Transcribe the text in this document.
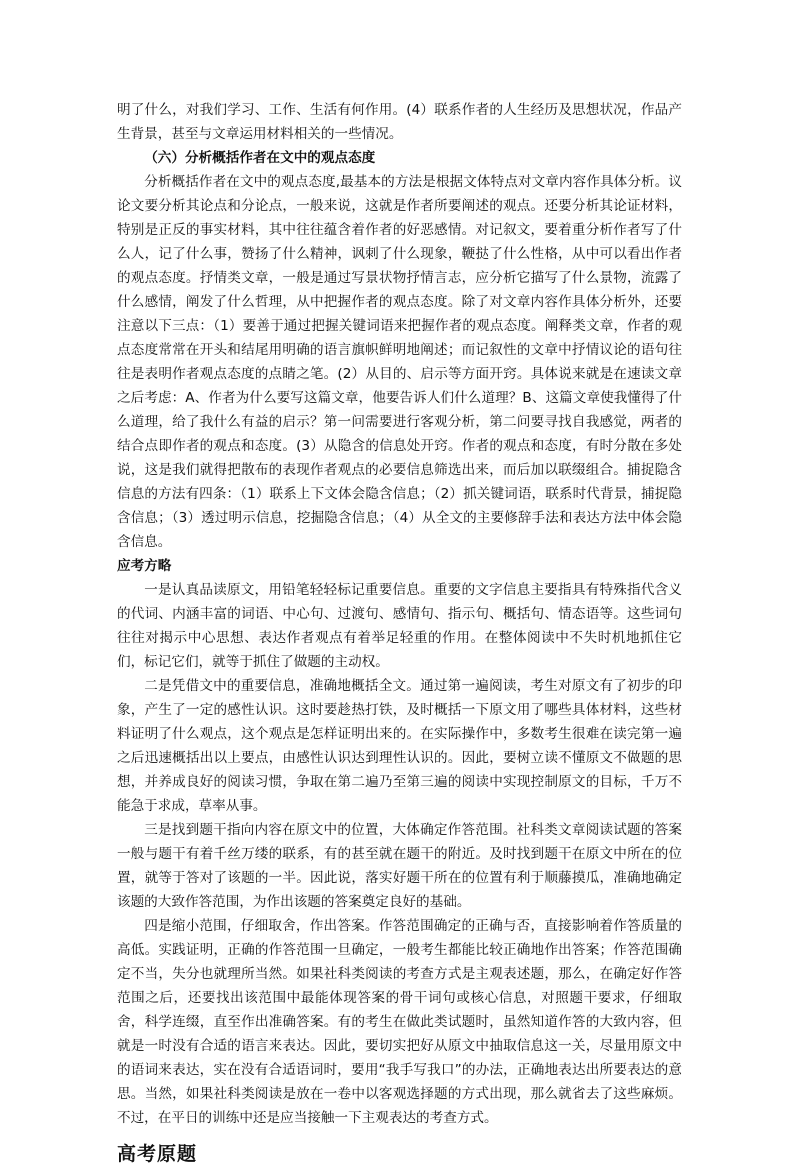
明了什么，对我们学习、工作、生活有何作用。(4）联系作者的人生经历及思想状况，作品产生背景，甚至与文章运用材料相关的一些情况。

（六）分析概括作者在文中的观点态度

分析概括作者在文中的观点态度,最基本的方法是根据文体特点对文章内容作具体分析。议论文要分析其论点和分论点，一般来说，这就是作者所要阐述的观点。还要分析其论证材料，特别是正反的事实材料，其中往往蕴含着作者的好恶感情。对记叙文，要着重分析作者写了什么人，记了什么事，赞扬了什么精神，讽刺了什么现象，鞭挞了什么性格，从中可以看出作者的观点态度。抒情类文章，一般是通过写景状物抒情言志，应分析它描写了什么景物，流露了什么感情，阐发了什么哲理，从中把握作者的观点态度。除了对文章内容作具体分析外，还要注意以下三点：（1）要善于通过把握关键词语来把握作者的观点态度。阐释类文章，作者的观点态度常常在开头和结尾用明确的语言旗帜鲜明地阐述；而记叙性的文章中抒情议论的语句往往是表明作者观点态度的点睛之笔。(2）从目的、启示等方面开窍。具体说来就是在速读文章之后考虑：A、作者为什么要写这篇文章，他要告诉人们什么道理？B、这篇文章使我懂得了什么道理，给了我什么有益的启示？第一问需要进行客观分析，第二问要寻找自我感觉，两者的结合点即作者的观点和态度。(3）从隐含的信息处开窍。作者的观点和态度，有时分散在多处说，这是我们就得把散布的表现作者观点的必要信息筛选出来，而后加以联缀组合。捕捉隐含信息的方法有四条：（1）联系上下文体会隐含信息；（2）抓关键词语，联系时代背景，捕捉隐含信息；（3）透过明示信息，挖掘隐含信息；（4）从全文的主要修辞手法和表达方法中体会隐含信息。

应考方略

一是认真品读原文，用铅笔轻轻标记重要信息。重要的文字信息主要指具有特殊指代含义的代词、内涵丰富的词语、中心句、过渡句、感情句、指示句、概括句、情态语等。这些词句往往对揭示中心思想、表达作者观点有着举足轻重的作用。在整体阅读中不失时机地抓住它们，标记它们，就等于抓住了做题的主动权。

二是凭借文中的重要信息，准确地概括全文。通过第一遍阅读，考生对原文有了初步的印象，产生了一定的感性认识。这时要趁热打铁，及时概括一下原文用了哪些具体材料，这些材料证明了什么观点，这个观点是怎样证明出来的。在实际操作中，多数考生很难在读完第一遍之后迅速概括出以上要点，由感性认识达到理性认识的。因此，要树立读不懂原文不做题的思想，并养成良好的阅读习惯，争取在第二遍乃至第三遍的阅读中实现控制原文的目标，千万不能急于求成，草率从事。

三是找到题干指向内容在原文中的位置，大体确定作答范围。社科类文章阅读试题的答案一般与题干有着千丝万缕的联系，有的甚至就在题干的附近。及时找到题干在原文中所在的位置，就等于答对了该题的一半。因此说，落实好题干所在的位置有利于顺藤摸瓜，准确地确定该题的大致作答范围，为作出该题的答案奠定良好的基础。

四是缩小范围，仔细取舍，作出答案。作答范围确定的正确与否，直接影响着作答质量的高低。实践证明，正确的作答范围一旦确定，一般考生都能比较正确地作出答案；作答范围确定不当，失分也就理所当然。如果社科类阅读的考查方式是主观表述题，那么，在确定好作答范围之后，还要找出该范围中最能体现答案的骨干词句或核心信息，对照题干要求，仔细取舍，科学连缀，直至作出准确答案。有的考生在做此类试题时，虽然知道作答的大致内容，但就是一时没有合适的语言来表达。因此，要切实把好从原文中抽取信息这一关，尽量用原文中的语词来表达，实在没有合适语词时，要用“我手写我口”的办法，正确地表达出所要表达的意思。当然，如果社科类阅读是放在一卷中以客观选择题的方式出现，那么就省去了这些麻烦。不过，在平日的训练中还是应当接触一下主观表达的考查方式。

高考原题
